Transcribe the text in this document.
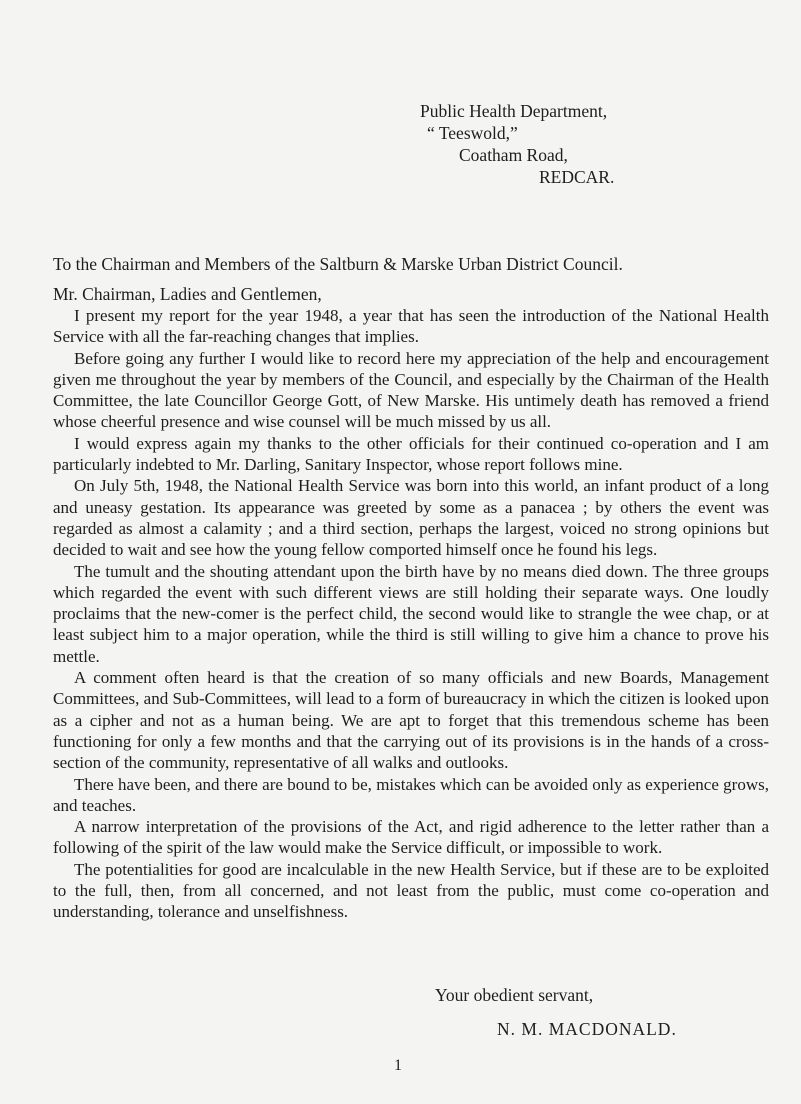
Public Health Department,
“ Teeswold,”
Coatham Road,
REDCAR.
To the Chairman and Members of the Saltburn & Marske Urban District Council.
Mr. Chairman, Ladies and Gentlemen,

I present my report for the year 1948, a year that has seen the introduction of the National Health Service with all the far-reaching changes that implies.

Before going any further I would like to record here my appreciation of the help and encouragement given me throughout the year by members of the Council, and especially by the Chairman of the Health Committee, the late Councillor George Gott, of New Marske. His untimely death has removed a friend whose cheerful presence and wise counsel will be much missed by us all.

I would express again my thanks to the other officials for their continued co-operation and I am particularly indebted to Mr. Darling, Sanitary Inspector, whose report follows mine.

On July 5th, 1948, the National Health Service was born into this world, an infant product of a long and uneasy gestation. Its appearance was greeted by some as a panacea ; by others the event was regarded as almost a calamity ; and a third section, perhaps the largest, voiced no strong opinions but decided to wait and see how the young fellow comported himself once he found his legs.

The tumult and the shouting attendant upon the birth have by no means died down. The three groups which regarded the event with such different views are still holding their separate ways. One loudly proclaims that the new-comer is the perfect child, the second would like to strangle the wee chap, or at least subject him to a major operation, while the third is still willing to give him a chance to prove his mettle.

A comment often heard is that the creation of so many officials and new Boards, Management Committees, and Sub-Committees, will lead to a form of bureaucracy in which the citizen is looked upon as a cipher and not as a human being. We are apt to forget that this tremendous scheme has been functioning for only a few months and that the carrying out of its provisions is in the hands of a cross-section of the community, representative of all walks and outlooks.

There have been, and there are bound to be, mistakes which can be avoided only as experience grows, and teaches.

A narrow interpretation of the provisions of the Act, and rigid adherence to the letter rather than a following of the spirit of the law would make the Service difficult, or impossible to work.

The potentialities for good are incalculable in the new Health Service, but if these are to be exploited to the full, then, from all concerned, and not least from the public, must come co-operation and understanding, tolerance and unselfishness.

Your obedient servant,
N. M. MACDONALD.
1
